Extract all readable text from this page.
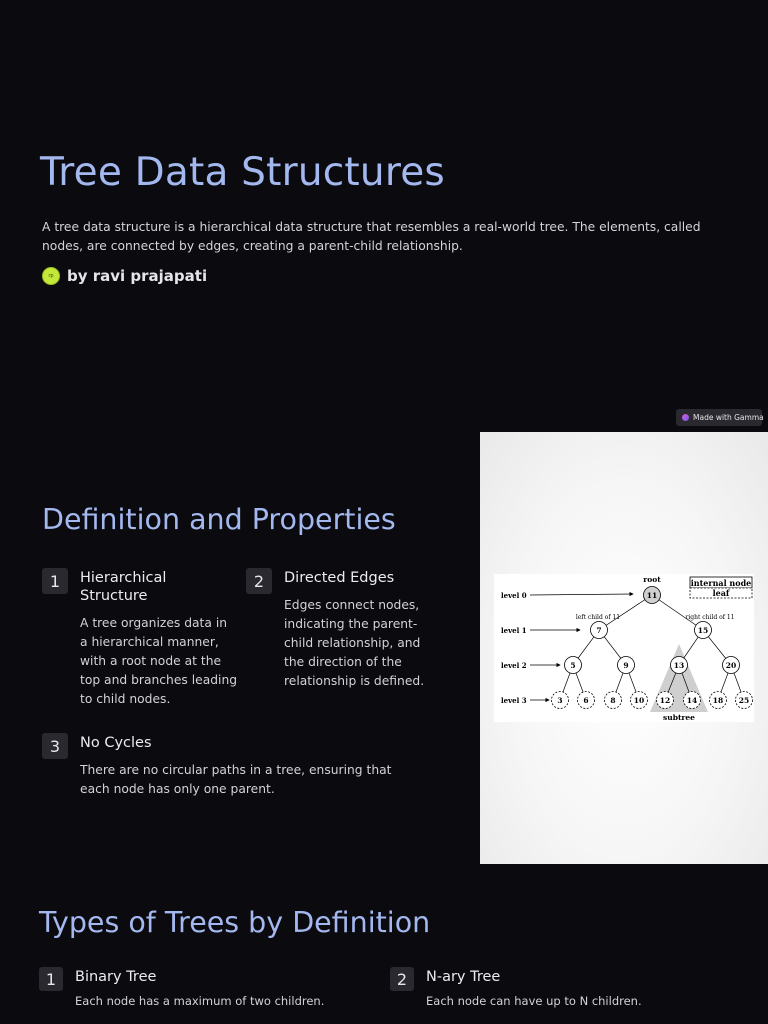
Tree Data Structures

A tree data structure is a hierarchical data structure that resembles a real-world tree. The elements, called nodes, are connected by edges, creating a parent-child relationship.

rp by ravi prajapati
Made with Gamma
Definition and Properties
1	Hierarchical Structure
A tree organizes data in a hierarchical manner, with a root node at the top and branches leading to child nodes.
2	Directed Edges
Edges connect nodes, indicating the parent-child relationship, and the direction of the relationship is defined.
3	No Cycles
There are no circular paths in a tree, ensuring that each node has only one parent.
internal node
leaf
root
left child of 11	right child of 11
subtree
level 0
level 1
level 2
level 3
11
7	15
5	9	13	20
3	6	8 10 12 14 18 25
Types of Trees by Definition
1	Binary Tree
Each node has a maximum of two children.
2	N-ary Tree
Each node can have up to N children.
